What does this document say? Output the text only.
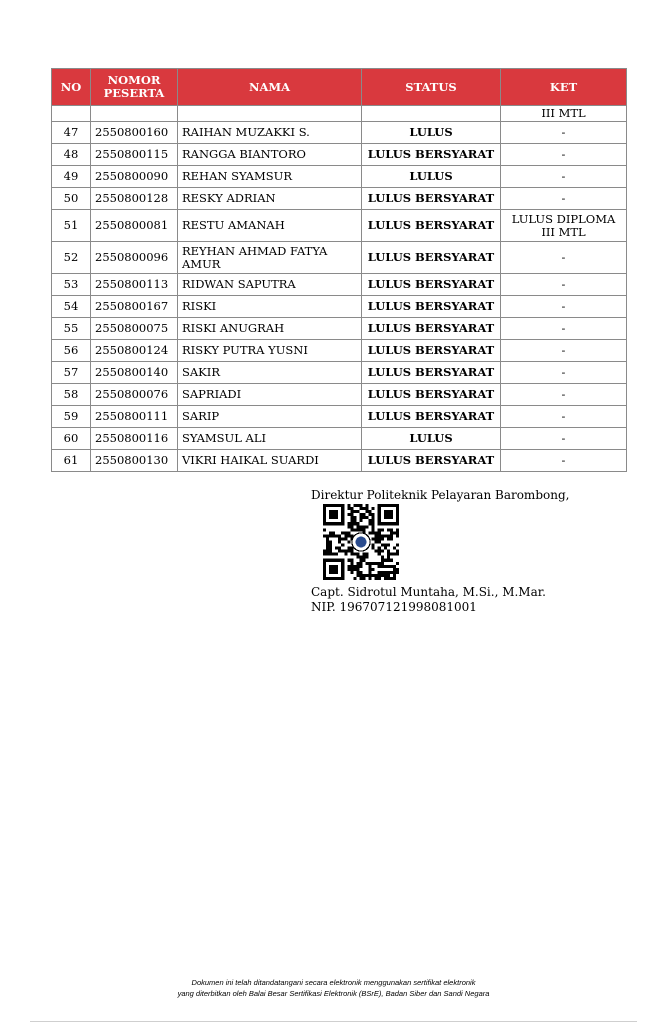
NO	NOMOR PESERTA	NAMA	STATUS	KET
				III MTL
47	2550800160	RAIHAN MUZAKKI S.	LULUS	-
48	2550800115	RANGGA BIANTORO	LULUS BERSYARAT	-
49	2550800090	REHAN SYAMSUR	LULUS	-
50	2550800128	RESKY ADRIAN	LULUS BERSYARAT	-
51	2550800081	RESTU AMANAH	LULUS BERSYARAT	LULUS DIPLOMA III MTL
52	2550800096	REYHAN AHMAD FATYA AMUR	LULUS BERSYARAT	-
53	2550800113	RIDWAN SAPUTRA	LULUS BERSYARAT	-
54	2550800167	RISKI	LULUS BERSYARAT	-
55	2550800075	RISKI ANUGRAH	LULUS BERSYARAT	-
56	2550800124	RISKY PUTRA YUSNI	LULUS BERSYARAT	-
57	2550800140	SAKIR	LULUS BERSYARAT	-
58	2550800076	SAPRIADI	LULUS BERSYARAT	-
59	2550800111	SARIP	LULUS BERSYARAT	-
60	2550800116	SYAMSUL ALI	LULUS	-
61	2550800130	VIKRI HAIKAL SUARDI	LULUS BERSYARAT	-
Direktur Politeknik Pelayaran Barombong,
Capt. Sidrotul Muntaha, M.Si., M.Mar.
NIP. 196707121998081001
Dokumen ini telah ditandatangani secara elektronik menggunakan sertifikat elektronik
yang diterbitkan oleh Balai Besar Sertifikasi Elektronik (BSrE), Badan Siber dan Sandi Negara
